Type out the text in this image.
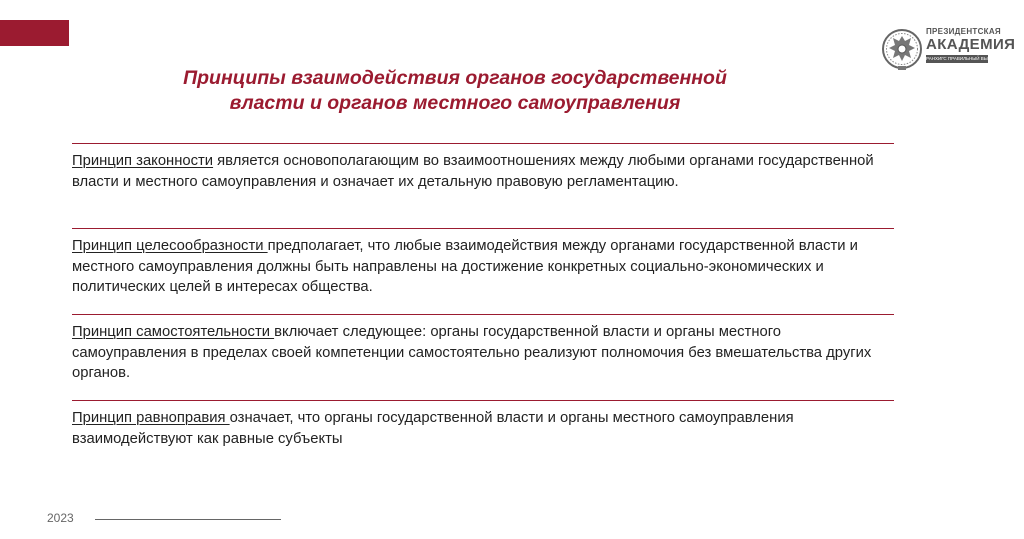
ПРЕЗИДЕНТСКАЯ
АКАДЕМИЯ
РАНХИГС ПРАВИЛЬНЫЙ ВЫБОР
Принципы взаимодействия органов государственной
власти и органов местного самоуправления

Принцип законности является основополагающим во взаимоотношениях между любыми органами государственной власти и местного самоуправления и означает их детальную правовую регламентацию.

Принцип целесообразности предполагает, что любые взаимодействия между органами государственной власти и местного самоуправления должны быть направлены на достижение конкретных социально-экономических и политических целей в интересах общества.

Принцип самостоятельности включает следующее: органы государственной власти и органы местного самоуправления в пределах своей компетенции самостоятельно реализуют полномочия без вмешательства других органов.

Принцип равноправия означает, что органы государственной власти и органы местного самоуправления взаимодействуют как равные субъекты

2023
